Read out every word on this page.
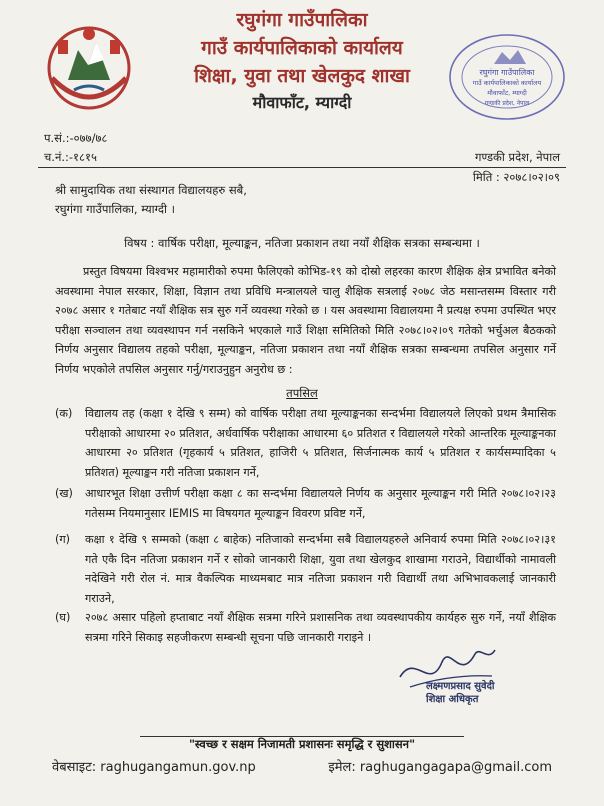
रघुगंगा गाउँपालिका
गाउँ कार्यपालिकाको कार्यालय
शिक्षा, युवा तथा खेलकुद शाखा
मौवाफाँट, म्याग्दी
रघुगंगा गाउँपालिका
गाउँ कार्यपालिकाको कार्यालय
मौवाफाँट, म्याग्दी
गण्डकी प्रदेश, नेपाल
प.सं.:-०७७/७८
च.नं.:-१८१५	गण्डकी प्रदेश, नेपाल
मिति : २०७८।०२।०९
श्री सामुदायिक तथा संस्थागत विद्यालयहरु सबै,
रघुगंगा गाउँपालिका, म्याग्दी ।
विषय : वार्षिक परीक्षा, मूल्याङ्कन, नतिजा प्रकाशन तथा नयाँ शैक्षिक सत्रका सम्बन्धमा ।
प्रस्तुत विषयमा विश्वभर महामारीको रुपमा फैलिएको कोभिड-१९ को दोस्रो लहरका कारण शैक्षिक क्षेत्र प्रभावित बनेको अवस्थामा नेपाल सरकार, शिक्षा, विज्ञान तथा प्रविधि मन्त्रालयले चालु शैक्षिक सत्रलाई २०७८ जेठ मसान्तसम्म विस्तार गरी २०७८ असार १ गतेबाट नयाँ शैक्षिक सत्र सुरु गर्ने व्यवस्था गरेको छ । यस अवस्थामा विद्यालयमा नै प्रत्यक्ष रुपमा उपस्थित भएर परीक्षा सञ्चालन तथा व्यवस्थापन गर्न नसकिने भएकाले गाउँ शिक्षा समितिको मिति २०७८।०२।०९ गतेको भर्चुअल बैठकको निर्णय अनुसार विद्यालय तहको परीक्षा, मूल्याङ्कन, नतिजा प्रकाशन तथा नयाँ शैक्षिक सत्रका सम्बन्धमा तपसिल अनुसार गर्ने निर्णय भएकोले तपसिल अनुसार गर्नु/गराउनुहुन अनुरोध छ :
तपसिल
(क) विद्यालय तह (कक्षा १ देखि ९ सम्म) को वार्षिक परीक्षा तथा मूल्याङ्कनका सन्दर्भमा विद्यालयले लिएको प्रथम त्रैमासिक परीक्षाको आधारमा २० प्रतिशत, अर्धवार्षिक परीक्षाका आधारमा ६० प्रतिशत र विद्यालयले गरेको आन्तरिक मूल्याङ्कनका आधारमा २० प्रतिशत (गृहकार्य ५ प्रतिशत, हाजिरी ५ प्रतिशत, सिर्जनात्मक कार्य ५ प्रतिशत र कार्यसम्पादिका ५ प्रतिशत) मूल्याङ्कन गरी नतिजा प्रकाशन गर्ने,
(ख) आधारभूत शिक्षा उत्तीर्ण परीक्षा कक्षा ८ का सन्दर्भमा विद्यालयले निर्णय क अनुसार मूल्याङ्कन गरी मिति २०७८।०२।२३ गतेसम्म नियमानुसार IEMIS मा विषयगत मूल्याङ्कन विवरण प्रविष्ट गर्ने,
(ग) कक्षा १ देखि ९ सम्मको (कक्षा ८ बाहेक) नतिजाको सन्दर्भमा सबै विद्यालयहरुले अनिवार्य रुपमा मिति २०७८।०२।३१ गते एकै दिन नतिजा प्रकाशन गर्ने र सोको जानकारी शिक्षा, युवा तथा खेलकुद शाखामा गराउने, विद्यार्थीको नामावली नदेखिने गरी रोल नं. मात्र वैकल्पिक माध्यमबाट मात्र नतिजा प्रकाशन गरी विद्यार्थी तथा अभिभावकलाई जानकारी गराउने,
(घ) २०७८ असार पहिलो हप्ताबाट नयाँ शैक्षिक सत्रमा गरिने प्रशासनिक तथा व्यवस्थापकीय कार्यहरु सुरु गर्ने, नयाँ शैक्षिक सत्रमा गरिने सिकाइ सहजीकरण सम्बन्धी सूचना पछि जानकारी गराइने ।
लक्ष्मणप्रसाद सुवेदी
शिक्षा अधिकृत
"स्वच्छ र सक्षम निजामती प्रशासनः समृद्धि र सुशासन"
वेबसाइट: raghugangamun.gov.np	इमेल: raghugangagapa@gmail.com
